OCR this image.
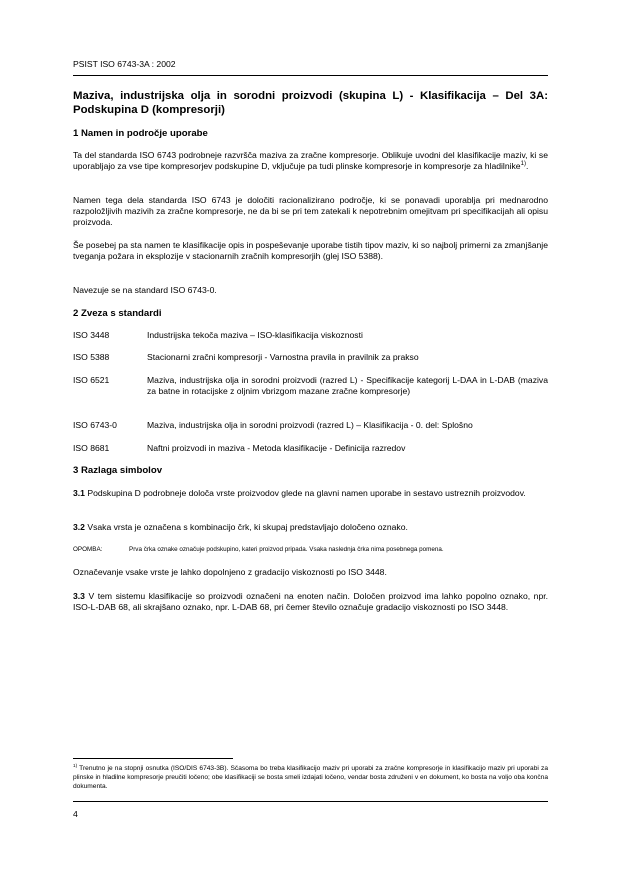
PSIST ISO 6743-3A : 2002
Maziva, industrijska olja in sorodni proizvodi (skupina L) - Klasifikacija – Del 3A: Podskupina D (kompresorji)
1 Namen in področje uporabe
Ta del standarda ISO 6743 podrobneje razvršča maziva za zračne kompresorje. Oblikuje uvodni del klasifikacije maziv, ki se uporabljajo za vse tipe kompresorjev podskupine D, vključuje pa tudi plinske kompresorje in kompresorje za hladilnike$^{1)}$.
Namen tega dela standarda ISO 6743 je določiti racionalizirano področje, ki se ponavadi uporablja pri mednarodno razpoložljivih mazivih za zračne kompresorje, ne da bi se pri tem zatekali k nepotrebnim omejitvam pri specifikacijah ali opisu proizvoda.
Še posebej pa sta namen te klasifikacije opis in pospeševanje uporabe tistih tipov maziv, ki so najbolj primerni za zmanjšanje tveganja požara in eksplozije v stacionarnih zračnih kompresorjih (glej ISO 5388).
Navezuje se na standard ISO 6743-0.
2 Zveza s standardi
ISO 3448	Industrijska tekoča maziva – ISO-klasifikacija viskoznosti
ISO 5388	Stacionarni zračni kompresorji - Varnostna pravila in pravilnik za prakso
ISO 6521	Maziva, industrijska olja in sorodni proizvodi (razred L) - Specifikacije kategorij L-DAA in L-DAB (maziva za batne in rotacijske z oljnim vbrizgom mazane zračne kompresorje)
ISO 6743-0	Maziva, industrijska olja in sorodni proizvodi (razred L) – Klasifikacija - 0. del: Splošno
ISO 8681	Naftni proizvodi in maziva - Metoda klasifikacije - Definicija razredov
3 Razlaga simbolov
3.1 Podskupina D podrobneje določa vrste proizvodov glede na glavni namen uporabe in sestavo ustreznih proizvodov.
3.2 Vsaka vrsta je označena s kombinacijo črk, ki skupaj predstavljajo določeno oznako.
OPOMBA:	Prva črka oznake označuje podskupino, kateri proizvod pripada. Vsaka naslednja črka nima posebnega pomena.
Označevanje vsake vrste je lahko dopolnjeno z gradacijo viskoznosti po ISO 3448.
3.3 V tem sistemu klasifikacije so proizvodi označeni na enoten način. Določen proizvod ima lahko popolno oznako, npr. ISO-L-DAB 68, ali skrajšano oznako, npr. L-DAB 68, pri čemer število označuje gradacijo viskoznosti po ISO 3448.
$^{1)}$ Trenutno je na stopnji osnutka (ISO/DIS 6743-3B). Sčasoma bo treba klasifikacijo maziv pri uporabi za zračne kompresorje in klasifikacijo maziv pri uporabi za plinske in hladilne kompresorje preučiti ločeno; obe klasifikaciji se bosta smeli izdajati ločeno, vendar bosta združeni v en dokument, ko bosta na voljo oba končna dokumenta.
4
